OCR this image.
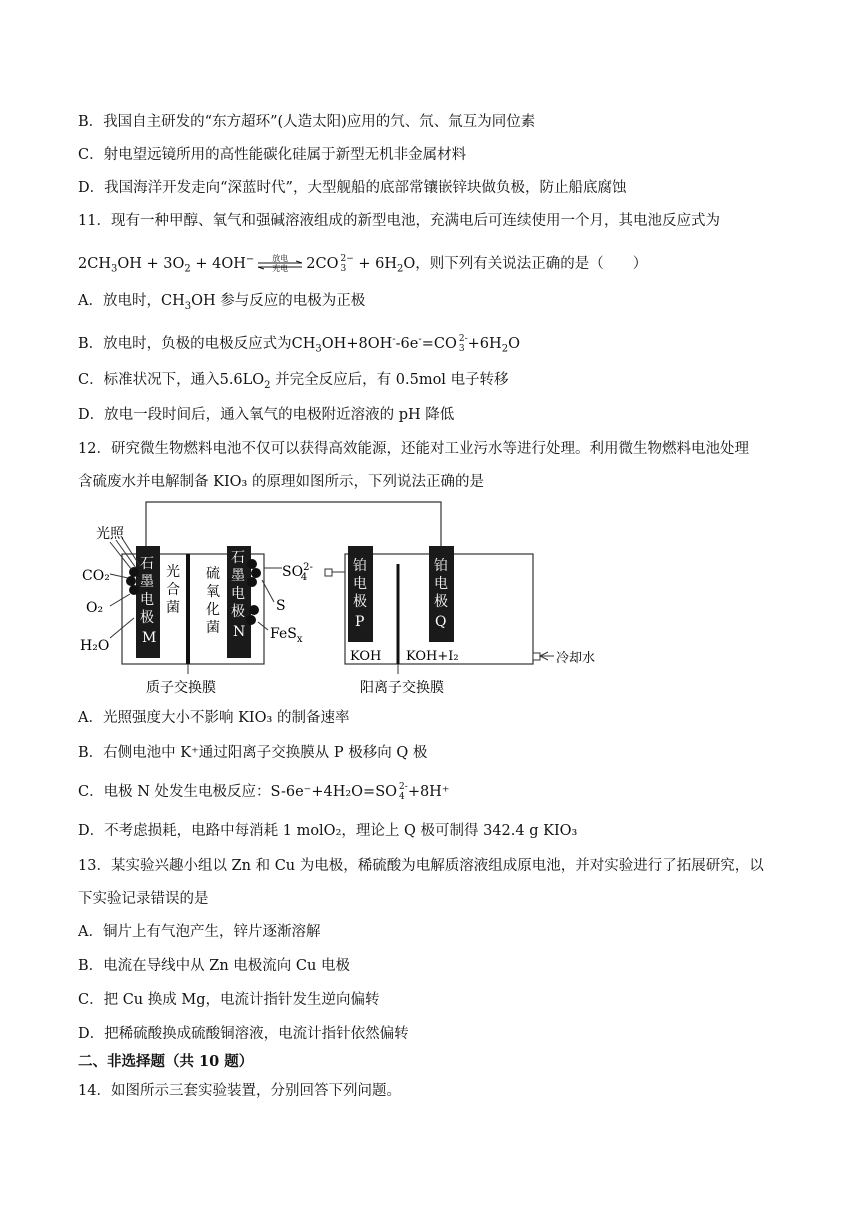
B．我国自主研发的“东方超环”(人造太阳)应用的氕、氘、氚互为同位素
C．射电望远镜所用的高性能碳化硅属于新型无机非金属材料
D．我国海洋开发走向“深蓝时代”，大型舰船的底部常镶嵌锌块做负极，防止船底腐蚀
11．现有一种甲醇、氧气和强碱溶液组成的新型电池，充满电后可连续使用一个月，其电池反应式为
$2CH_3OH + 3O_2 + 4OH^-$	放电
充电	2CO 2−
$3 + 6H_2O$，则下列有关说法正确的是（　　）
A．放电时，$CH_3OH$ 参与反应的电极为正极
B．放电时，负极的电极反应式为$CH_3OH+8OH^--6e^-=CO$ 2-
$3 +6H_2O$
C．标准状况下，通入$5.6LO_2$ 并完全反应后，有 0.5mol 电子转移
D．放电一段时间后，通入氧气的电极附近溶液的 pH 降低
12．研究微生物燃料电池不仅可以获得高效能源，还能对工业污水等进行处理。利用微生物燃料电池处理
含硫废水并电解制备 KIO₃ 的原理如图所示，下列说法正确的是
光照
CO₂
O₂
H₂O
石
墨
电
极
M
光
合
菌
硫
氧
化
菌
石
墨
电
极
N
$SO^{2-}4$
S
FeS$_x$
铂
电
极
P
铂
电
极
Q
KOH KOH+I₂	冷却水
质子交换膜	阳离子交换膜
A．光照强度大小不影响 KIO₃ 的制备速率
B．右侧电池中 K⁺通过阳离子交换膜从 P 极移向 Q 极
C．电极 N 处发生电极反应：S-6e⁻+4H₂O=SO 2-
4 +8H⁺
D．不考虑损耗，电路中每消耗 1 molO₂，理论上 Q 极可制得 342.4 g KIO₃
13．某实验兴趣小组以 Zn 和 Cu 为电极，稀硫酸为电解质溶液组成原电池，并对实验进行了拓展研究，以
下实验记录错误的是
A．铜片上有气泡产生，锌片逐渐溶解
B．电流在导线中从 Zn 电极流向 Cu 电极
C．把 Cu 换成 Mg，电流计指针发生逆向偏转
D．把稀硫酸换成硫酸铜溶液，电流计指针依然偏转
二、非选择题（共 10 题）
14．如图所示三套实验装置，分别回答下列问题。
